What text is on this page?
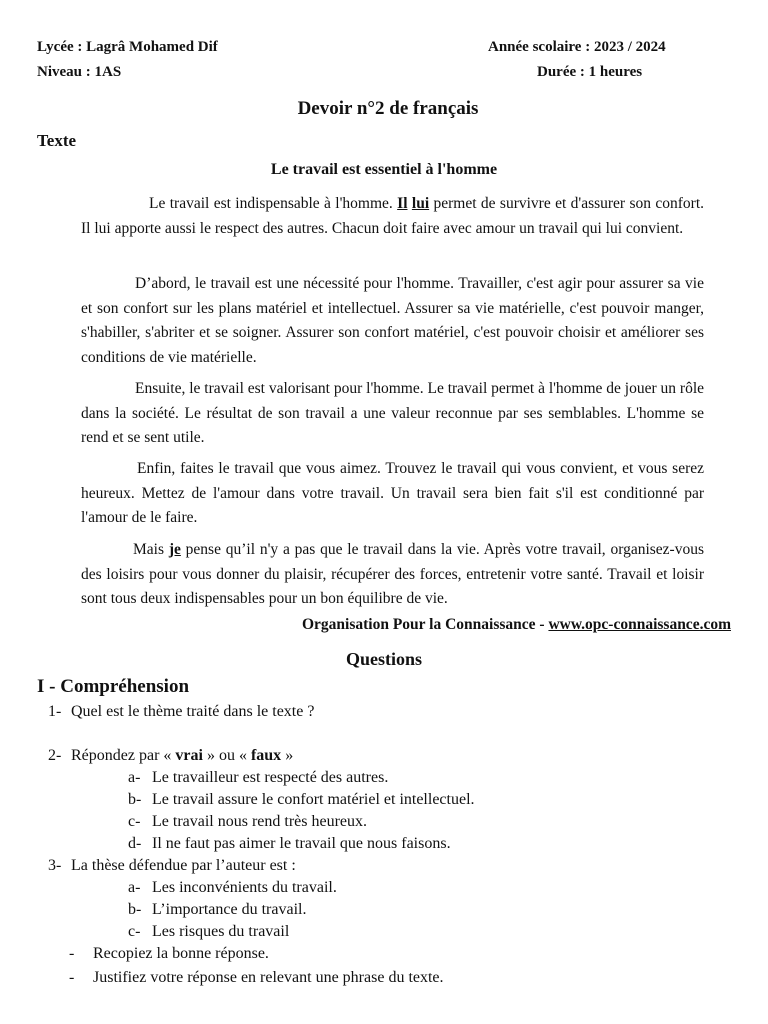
Lycée : Lagrâ Mohamed Dif	Année scolaire : 2023 / 2024
Niveau : 1AS	Durée : 1 heures
Devoir n°2 de français
Texte
Le travail est essentiel à l'homme
Le travail est indispensable à l'homme. Il lui permet de survivre et d'assurer son confort. Il lui apporte aussi le respect des autres. Chacun doit faire avec amour un travail qui lui convient.
D’abord, le travail est une nécessité pour l'homme. Travailler, c'est agir pour assurer sa vie et son confort sur les plans matériel et intellectuel. Assurer sa vie matérielle, c'est pouvoir manger, s'habiller, s'abriter et se soigner. Assurer son confort matériel, c'est pouvoir choisir et améliorer ses conditions de vie matérielle.
Ensuite, le travail est valorisant pour l'homme. Le travail permet à l'homme de jouer un rôle dans la société. Le résultat de son travail a une valeur reconnue par ses semblables. L'homme se rend et se sent utile.
Enfin, faites le travail que vous aimez. Trouvez le travail qui vous convient, et vous serez heureux. Mettez de l'amour dans votre travail. Un travail sera bien fait s'il est conditionné par l'amour de le faire.
Mais je pense qu’il n'y a pas que le travail dans la vie. Après votre travail, organisez-vous des loisirs pour vous donner du plaisir, récupérer des forces, entretenir votre santé. Travail et loisir sont tous deux indispensables pour un bon équilibre de vie.
Organisation Pour la Connaissance - www.opc-connaissance.com
Questions
I - Compréhension
1- Quel est le thème traité dans le texte ?
2- Répondez par « vrai » ou « faux »
a- Le travailleur est respecté des autres.
b- Le travail assure le confort matériel et intellectuel.
c- Le travail nous rend très heureux.
d- Il ne faut pas aimer le travail que nous faisons.
3- La thèse défendue par l’auteur est :
a- Les inconvénients du travail.
b- L’importance du travail.
c- Les risques du travail
- Recopiez la bonne réponse.
- Justifiez votre réponse en relevant une phrase du texte.
